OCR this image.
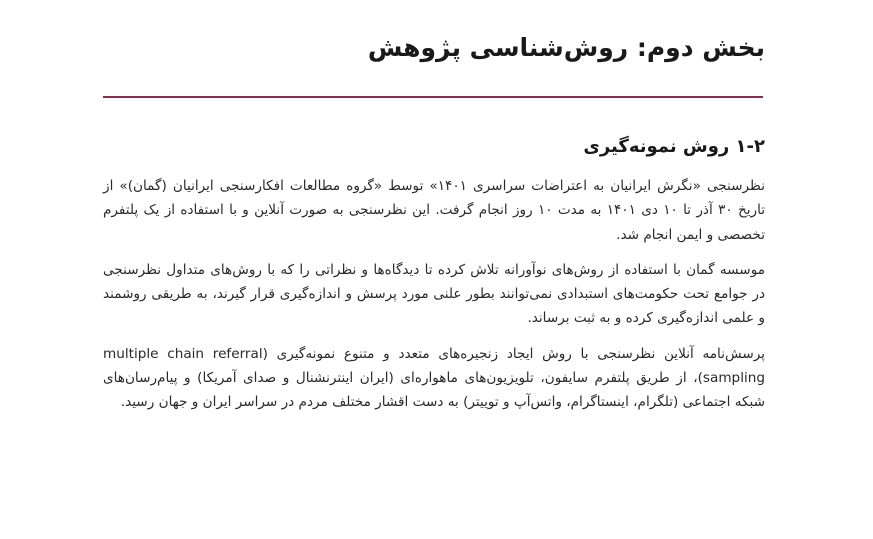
بخش دوم: روش‌شناسی پژوهش
۱-۲ روش نمونه‌گیری

نظرسنجی «نگرش ایرانیان به اعتراضات سراسری ۱۴۰۱» توسط «گروه مطالعات افکارسنجی ایرانیان (گمان)» از تاریخ ۳۰ آذر تا ۱۰ دی ۱۴۰۱ به مدت ۱۰ روز انجام گرفت. این نظرسنجی به صورت آنلاین و با استفاده از یک پلتفرم تخصصی و ایمن انجام شد.

موسسه گمان با استفاده از روش‌های نوآورانه تلاش کرده تا دیدگاه‌ها و نظراتی را که با روش‌های متداول نظرسنجی در جوامع تحت حکومت‌های استبدادی نمی‌توانند بطور علنی مورد پرسش و اندازه‌گیری قرار گیرند، به طریقی روشمند و علمی اندازه‌گیری کرده و به ثبت برساند.

پرسش‌نامه آنلاین نظرسنجی با روش ایجاد زنجیره‌های متعدد و متنوع نمونه‌گیری (multiple chain referral sampling)، از طریق پلتفرم سایفون، تلویزیون‌های ماهواره‌ای (ایران اینترنشنال و صدای آمریکا) و پیام‌رسان‌های شبکه اجتماعی (تلگرام، اینستاگرام، واتس‌آپ و توییتر) به دست اقشار مختلف مردم در سراسر ایران و جهان رسید.
